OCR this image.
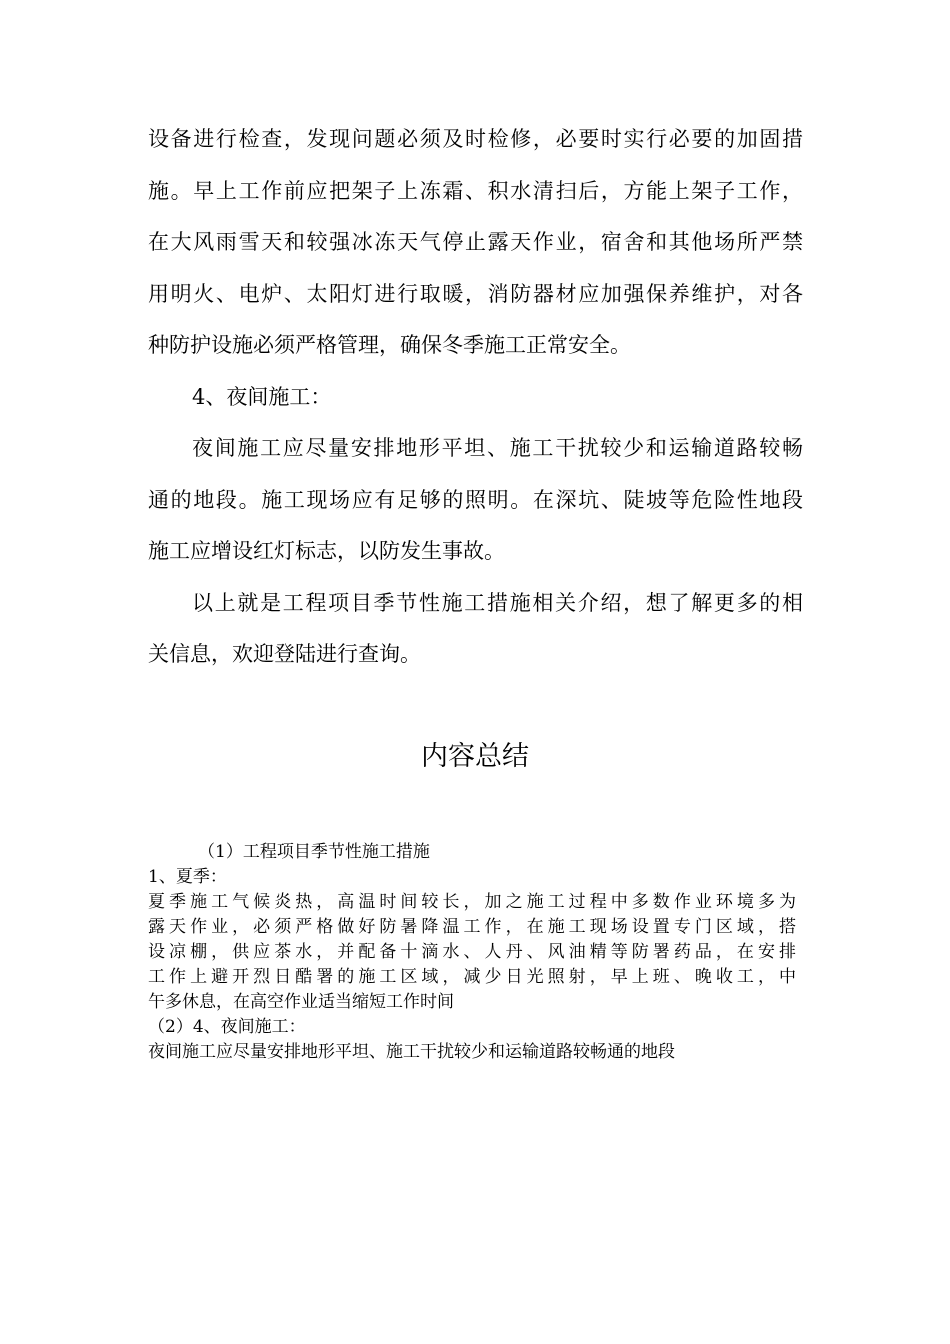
设备进行检查，发现问题必须及时检修，必要时实行必要的加固措
施。早上工作前应把架子上冻霜、积水清扫后，方能上架子工作，
在大风雨雪天和较强冰冻天气停止露天作业，宿舍和其他场所严禁
用明火、电炉、太阳灯进行取暖，消防器材应加强保养维护，对各
种防护设施必须严格管理，确保冬季施工正常安全。

4、夜间施工：

夜间施工应尽量安排地形平坦、施工干扰较少和运输道路较畅
通的地段。施工现场应有足够的照明。在深坑、陡坡等危险性地段
施工应增设红灯标志，以防发生事故。

以上就是工程项目季节性施工措施相关介绍，想了解更多的相
关信息，欢迎登陆进行查询。

内容总结
（1）工程项目季节性施工措施
1、夏季：
夏季施工气候炎热，高温时间较长，加之施工过程中多数作业环境多为
露天作业，必须严格做好防暑降温工作，在施工现场设置专门区域，搭
设凉棚，供应茶水，并配备十滴水、人丹、风油精等防署药品，在安排
工作上避开烈日酷署的施工区域，减少日光照射，早上班、晚收工，中
午多休息，在高空作业适当缩短工作时间
（2）4、夜间施工：
夜间施工应尽量安排地形平坦、施工干扰较少和运输道路较畅通的地段
